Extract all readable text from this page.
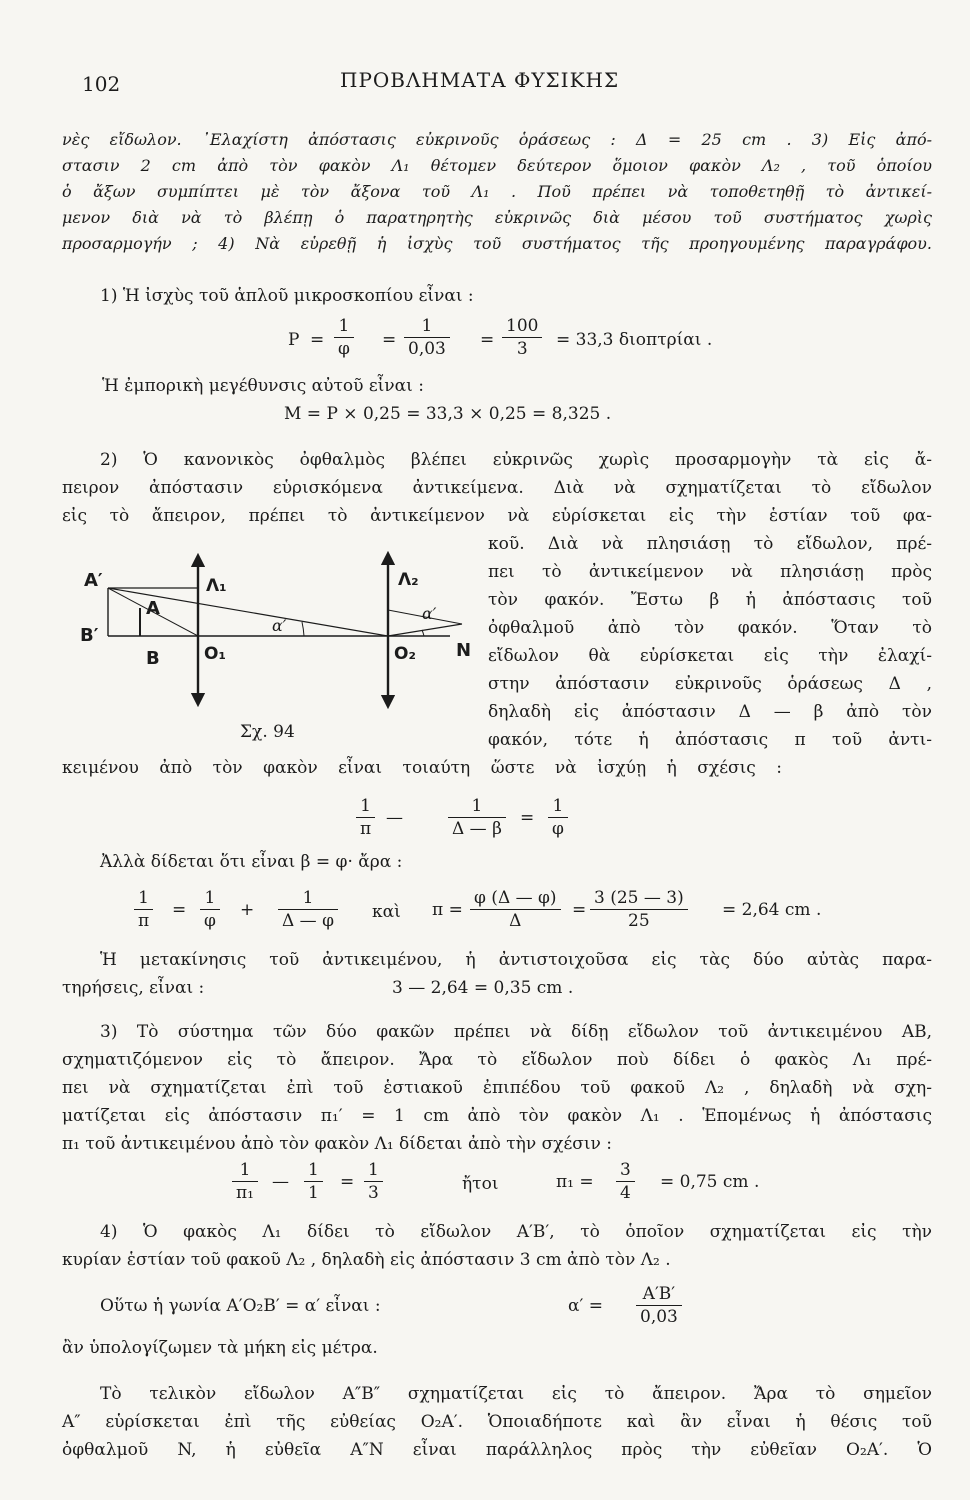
102	ΠΡΟΒΛΗΜΑΤΑ ΦΥΣΙΚΗΣ
νὲς εἴδωλον. ᾿Ελαχίστη ἀπόστασις εὐκρινοῦς ὁράσεως : Δ = 25 cm . 3) Εἰς ἀπό-
στασιν 2 cm ἀπὸ τὸν φακὸν Λ₁ θέτομεν δεύτερον ὅμοιον φακὸν Λ₂ , τοῦ ὁποίου
ὁ ἄξων συμπίπτει μὲ τὸν ἄξονα τοῦ Λ₁ . Ποῦ πρέπει νὰ τοποθετηθῇ τὸ ἀντικεί-
μενον διὰ νὰ τὸ βλέπῃ ὁ παρατηρητὴς εὐκρινῶς διὰ μέσου τοῦ συστήματος χωρὶς
προσαρμογήν ; 4) Νὰ εὑρεθῇ ἡ ἰσχὺς τοῦ συστήματος τῆς προηγουμένης παραγράφου.
1) Ἡ ἰσχὺς τοῦ ἁπλοῦ μικροσκοπίου εἶναι :
$P = \frac{1}{\varphi} = \frac{1}{0,03} = \frac{100}{3} = 33,3$ διοπτρίαι .
Ἡ ἐμπορικὴ μεγέθυνσις αὐτοῦ εἶναι :
M = P × 0,25 = 33,3 × 0,25 = 8,325 .
2) Ὁ κανονικὸς ὀφθαλμὸς βλέπει εὐκρινῶς χωρὶς προσαρμογὴν τὰ εἰς ἄ-
πειρον ἀπόστασιν εὑρισκόμενα ἀντικείμενα. Διὰ νὰ σχηματίζεται τὸ εἴδωλον
εἰς τὸ ἄπειρον, πρέπει τὸ ἀντικείμενον νὰ εὑρίσκεται εἰς τὴν ἑστίαν τοῦ φα-
κοῦ. Διὰ νὰ πλησιάσῃ τὸ εἴδωλον, πρέ-
πει τὸ ἀντικείμενον νὰ πλησιάσῃ πρὸς
τὸν φακόν. Ἔστω β ἡ ἀπόστασις τοῦ
ὀφθαλμοῦ ἀπὸ τὸν φακόν. Ὅταν τὸ
εἴδωλον θὰ εὑρίσκεται εἰς τὴν ἐλαχί-
στην ἀπόστασιν εὐκρινοῦς ὁράσεως Δ ,
δηλαδὴ εἰς ἀπόστασιν Δ — β ἀπὸ τὸν
φακόν, τότε ἡ ἀπόστασις π τοῦ ἀντι-
A′
B′
A
B
Λ₁	Λ₂
α′
α′
O₁	O₂ N
Σχ. 94
κειμένου ἀπὸ τὸν φακὸν εἶναι τοιαύτη ὥστε νὰ ἰσχύῃ ἡ σχέσις :
$\frac{1}{\pi}$ —	$\frac{1}{\Delta — \beta} = \frac{1}{\varphi}$
Ἀλλὰ δίδεται ὅτι εἶναι β = φ· ἄρα :
$\frac{1}{\pi} = \frac{1}{\varphi} + \frac{1}{\Delta — \varphi}$ καὶ $\pi = \frac{\varphi (\Delta — \varphi)}{\Delta} = \frac{3 (25 — 3)}{25} = 2,64$ cm .
Ἡ μετακίνησις τοῦ ἀντικειμένου, ἡ ἀντιστοιχοῦσα εἰς τὰς δύο αὐτὰς παρα-
τηρήσεις, εἶναι :	3 — 2,64 = 0,35 cm .
3) Τὸ σύστημα τῶν δύο φακῶν πρέπει νὰ δίδῃ εἴδωλον τοῦ ἀντικειμένου AB,
σχηματιζόμενον εἰς τὸ ἄπειρον. Ἄρα τὸ εἴδωλον ποὺ δίδει ὁ φακὸς Λ₁ πρέ-
πει νὰ σχηματίζεται ἐπὶ τοῦ ἑστιακοῦ ἐπιπέδου τοῦ φακοῦ Λ₂ , δηλαδὴ νὰ σχη-
ματίζεται εἰς ἀπόστασιν π₁′ = 1 cm ἀπὸ τὸν φακὸν Λ₁ . Ἑπομένως ἡ ἀπόστασις
π₁ τοῦ ἀντικειμένου ἀπὸ τὸν φακὸν Λ₁ δίδεται ἀπὸ τὴν σχέσιν :
$\frac{1}{\text{π₁}}$ — $\frac{1}{1} = \frac{1}{3}$	ἤτοι	$\pi_1 = \frac{3}{4} = 0,75$ cm .
4) Ὁ φακὸς Λ₁ δίδει τὸ εἴδωλον A′B′, τὸ ὁποῖον σχηματίζεται εἰς τὴν
κυρίαν ἑστίαν τοῦ φακοῦ Λ₂ , δηλαδὴ εἰς ἀπόστασιν 3 cm ἀπὸ τὸν Λ₂ .
Οὕτω ἡ γωνία A′O₂B′ = α′ εἶναι :	$\alpha' = \frac{A'B'}{0,03}$
ἂν ὑπολογίζωμεν τὰ μήκη εἰς μέτρα.
Τὸ τελικὸν εἴδωλον A″B″ σχηματίζεται εἰς τὸ ἄπειρον. Ἄρα τὸ σημεῖον
A″ εὑρίσκεται ἐπὶ τῆς εὐθείας O₂A′. Ὁποιαδήποτε καὶ ἂν εἶναι ἡ θέσις τοῦ
ὀφθαλμοῦ N, ἡ εὐθεῖα A″N εἶναι παράλληλος πρὸς τὴν εὐθεῖαν O₂A′. Ὁ
